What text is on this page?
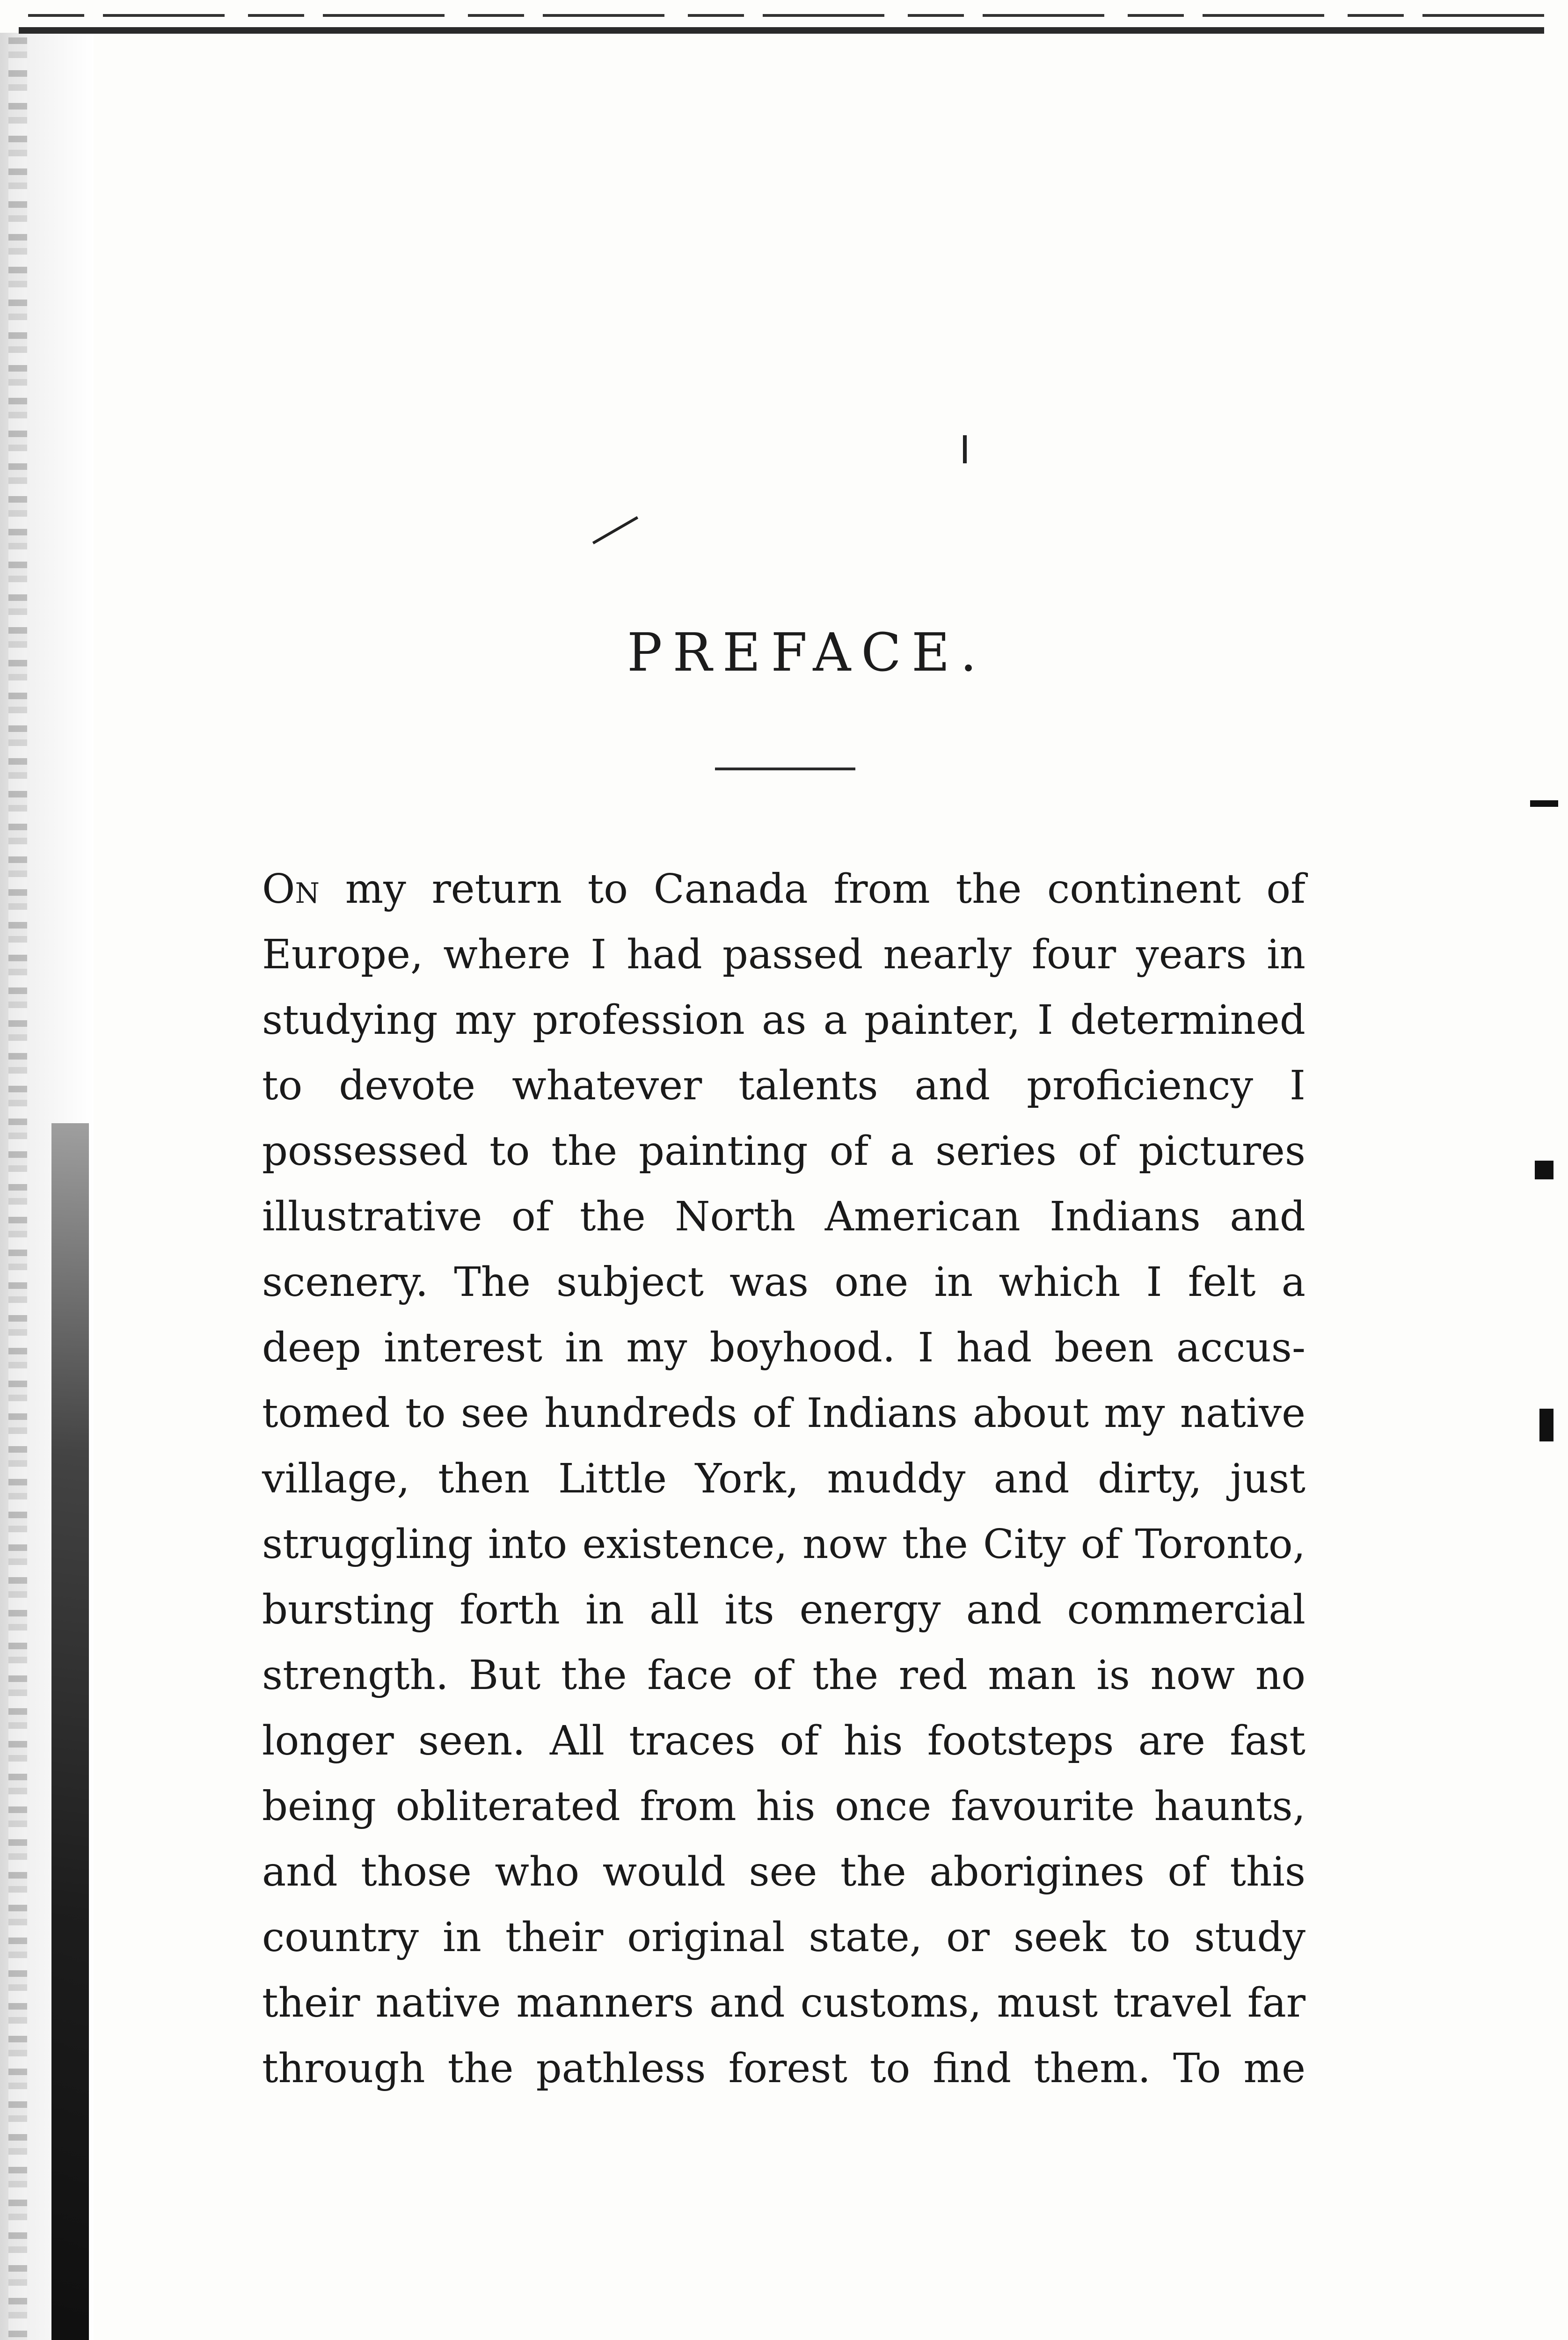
PREFACE.
On my return to Canada from the continent of
Europe, where I had passed nearly four years in
studying my profession as a painter, I determined
to devote whatever talents and proficiency I
possessed to the painting of a series of pictures
illustrative of the North American Indians and
scenery. The subject was one in which I felt a
deep interest in my boyhood. I had been accus-
tomed to see hundreds of Indians about my native
village, then Little York, muddy and dirty, just
struggling into existence, now the City of Toronto,
bursting forth in all its energy and commercial
strength. But the face of the red man is now no
longer seen. All traces of his footsteps are fast
being obliterated from his once favourite haunts,
and those who would see the aborigines of this
country in their original state, or seek to study
their native manners and customs, must travel far
through the pathless forest to find them. To me
